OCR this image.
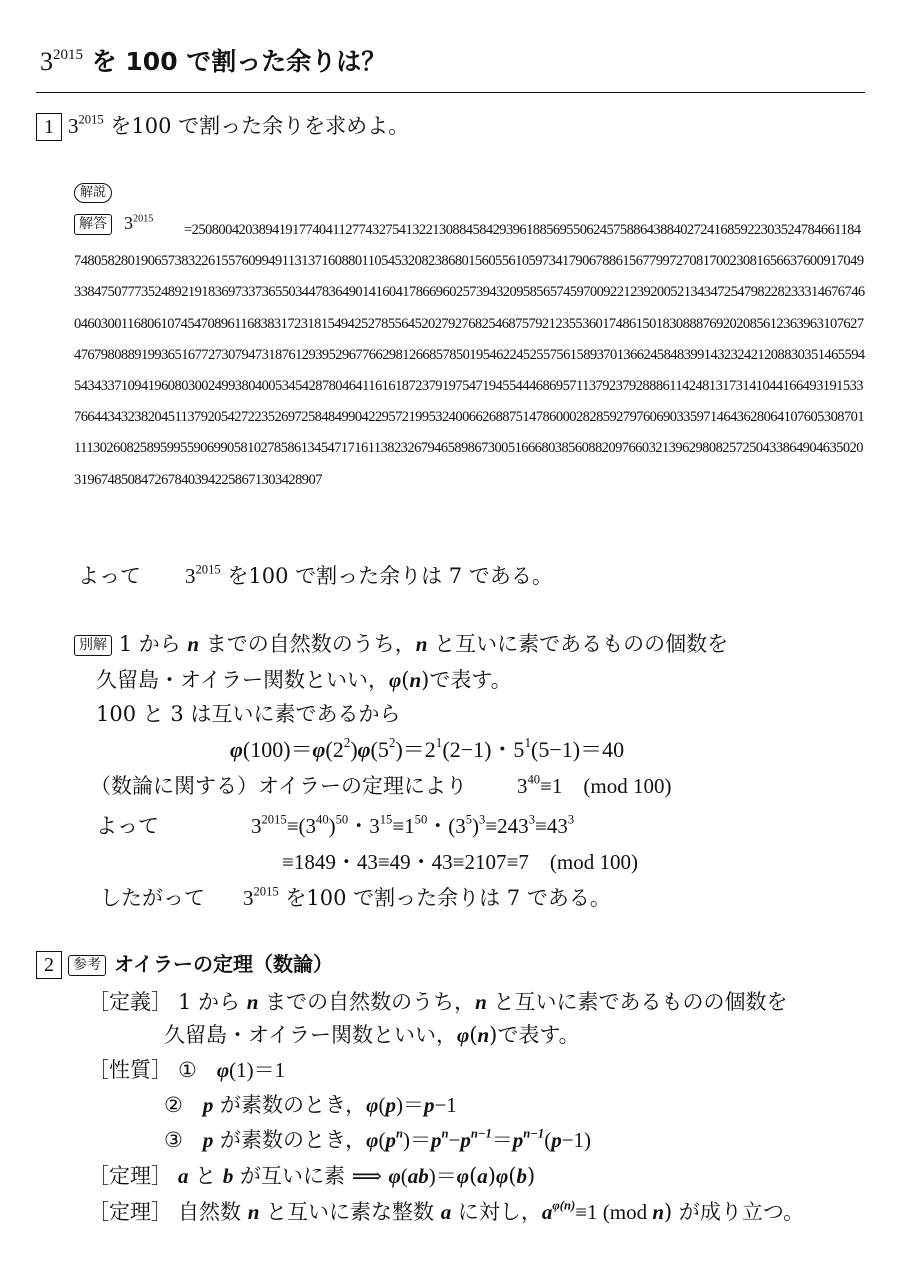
$3^{2015}$ を 100 で割った余りは？
1 $3^{2015}$ を100 で割った余りを求めよ。
解説
解答 $3^{2015}$
=250800420389419177404112774327541322130884584293961885695506245758864388402724168592230352478466118474805828019065738322615576099491131371608801105453208238680156055610597341790678861567799727081700230816566376009170493384750777352489219183697337365503447836490141604178669602573943209585657459700922123920052134347254798228233314676746046030011680610745470896116838317231815494252785564520279276825468757921235536017486150183088876920208561236396310762747679808891993651677273079473187612939529677662981266857850195462245255756158937013662458483991432324212088303514655945434337109419608030024993804005345428780464116161872379197547194554446869571137923792888611424813173141044166493191533766443432382045113792054272235269725848499042295721995324006626887514786000282859279760690335971464362806410760530870111130260825895995590699058102785861345471716113823267946589867300516668038560882097660321396298082572504338649046350203196748508472678403942258671303428907
よって $3^{2015}$ を100 で割った余りは 7 である。
別解 1 から n までの自然数のうち，n と互いに素であるものの個数を
久留島・オイラー関数といい，φ(n)で表す。
100 と 3 は互いに素であるから
$\varphi(100)=\varphi(2^2)\varphi(5^2)=2^1(2-1)$・$5^1(5-1)=40$
（数論に関する）オイラーの定理により $3^{40}\equiv 1$　(mod 100)
よって	$3^{2015}\equiv(3^{40})^{50}$・$3^{15}\equiv 1^{50}$・$(3^5)^3\equiv 243^3\equiv 43^3$
≡1849・43≡49・43≡2107≡7　(mod 100)
したがって $3^{2015}$ を100 で割った余りは 7 である。
2 参考 オイラーの定理（数論）
［定義］ 1 から n までの自然数のうち，n と互いに素であるものの個数を
久留島・オイラー関数といい，φ(n)で表す。
［性質］ ① φ(1)＝1
② p が素数のとき，φ(p)＝p−1
③ p が素数のとき，$\varphi(p^n)=p^n-p^{n-1}=p^{n-1}(p-1)$
［定理］ a と b が互いに素 ⟹ φ(ab)＝φ(a)φ(b)
［定理］ 自然数 n と互いに素な整数 a に対し，$a^{\varphi(n)}\equiv 1$ (mod n) が成り立つ。
